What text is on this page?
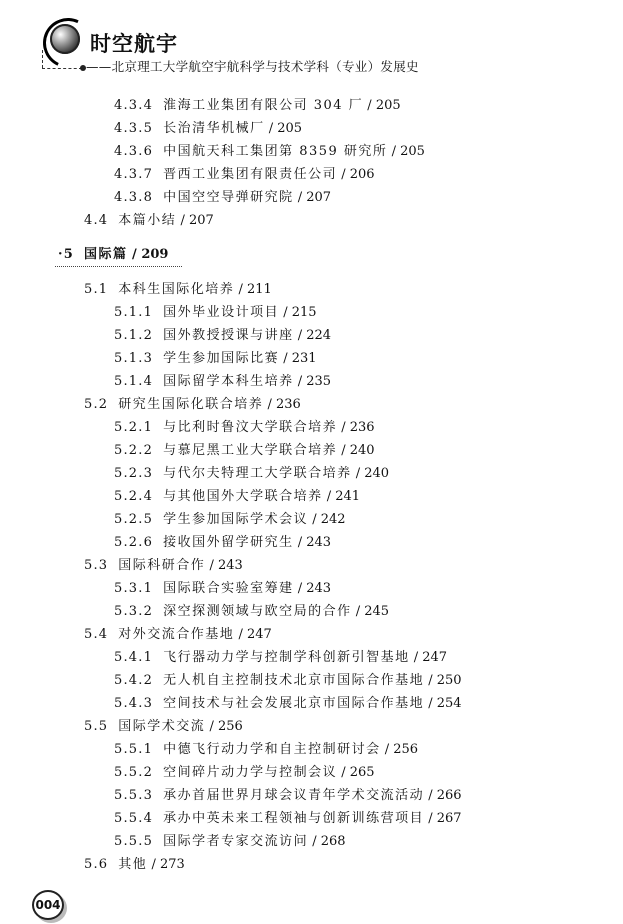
时空航宇
——北京理工大学航空宇航科学与技术学科（专业）发展史
4.3.4 淮海工业集团有限公司 304 厂 / 205
4.3.5 长治清华机械厂 / 205
4.3.6 中国航天科工集团第 8359 研究所 / 205
4.3.7 晋西工业集团有限责任公司 / 206
4.3.8 中国空空导弹研究院 / 207
4.4 本篇小结 / 207
·5 国际篇 / 209
5.1 本科生国际化培养 / 211
5.1.1 国外毕业设计项目 / 215
5.1.2 国外教授授课与讲座 / 224
5.1.3 学生参加国际比赛 / 231
5.1.4 国际留学本科生培养 / 235
5.2 研究生国际化联合培养 / 236
5.2.1 与比利时鲁汶大学联合培养 / 236
5.2.2 与慕尼黑工业大学联合培养 / 240
5.2.3 与代尔夫特理工大学联合培养 / 240
5.2.4 与其他国外大学联合培养 / 241
5.2.5 学生参加国际学术会议 / 242
5.2.6 接收国外留学研究生 / 243
5.3 国际科研合作 / 243
5.3.1 国际联合实验室筹建 / 243
5.3.2 深空探测领域与欧空局的合作 / 245
5.4 对外交流合作基地 / 247
5.4.1 飞行器动力学与控制学科创新引智基地 / 247
5.4.2 无人机自主控制技术北京市国际合作基地 / 250
5.4.3 空间技术与社会发展北京市国际合作基地 / 254
5.5 国际学术交流 / 256
5.5.1 中德飞行动力学和自主控制研讨会 / 256
5.5.2 空间碎片动力学与控制会议 / 265
5.5.3 承办首届世界月球会议青年学术交流活动 / 266
5.5.4 承办中英未来工程领袖与创新训练营项目 / 267
5.5.5 国际学者专家交流访问 / 268
5.6 其他 / 273
004
